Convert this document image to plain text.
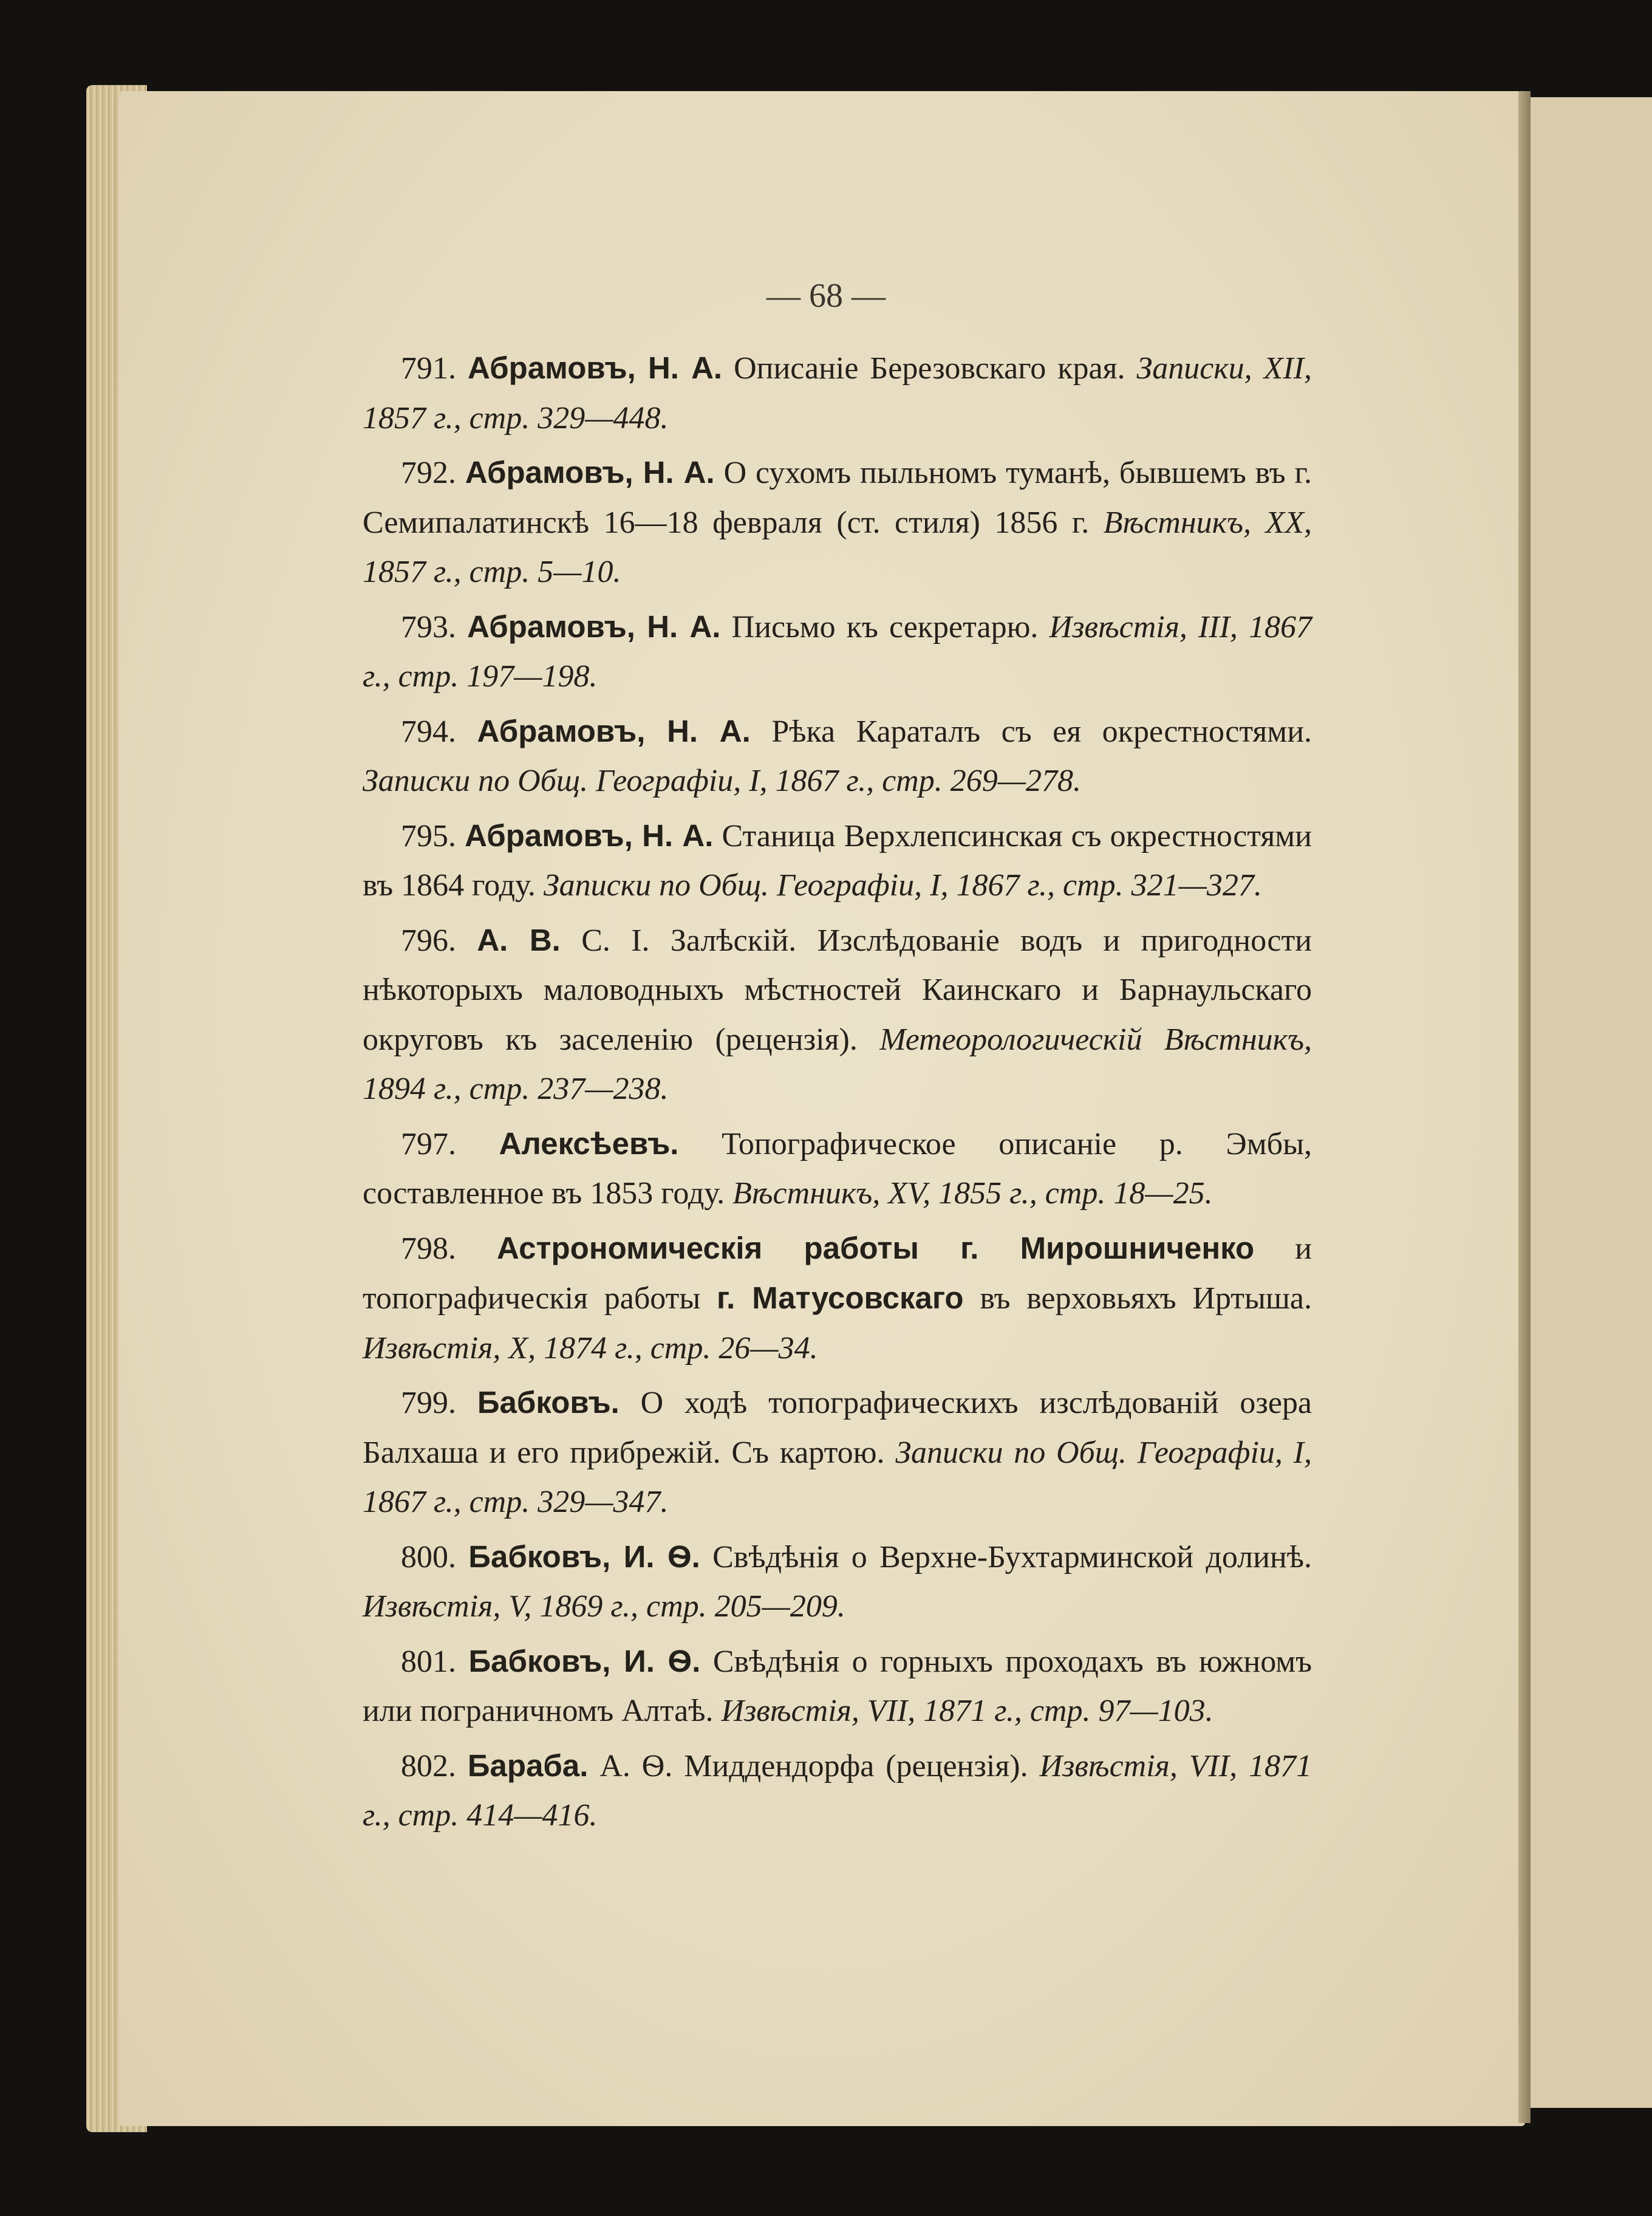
— 68 —

791. Абрамовъ, Н. А. Описаніе Березовскаго края. Записки, XII, 1857 г., стр. 329—448.

792. Абрамовъ, Н. А. О сухомъ пыльномъ туманѣ, бывшемъ въ г. Семипалатинскѣ 16—18 февраля (ст. стиля) 1856 г. Вѣстникъ, XX, 1857 г., стр. 5—10.

793. Абрамовъ, Н. А. Письмо къ секретарю. Извѣстія, III, 1867 г., стр. 197—198.

794. Абрамовъ, Н. А. Рѣка Караталъ съ ея окрестностями. Записки по Общ. Географіи, I, 1867 г., стр. 269—278.

795. Абрамовъ, Н. А. Станица Верхлепсинская съ окрестностями въ 1864 году. Записки по Общ. Географіи, I, 1867 г., стр. 321—327.

796. А. В. С. I. Залѣскій. Изслѣдованіе водъ и пригодности нѣкоторыхъ маловодныхъ мѣстностей Каинскаго и Барнаульскаго округовъ къ заселенію (рецензія). Метеорологическій Вѣстникъ, 1894 г., стр. 237—238.

797. Алексѣевъ. Топографическое описаніе р. Эмбы, составленное въ 1853 году. Вѣстникъ, XV, 1855 г., стр. 18—25.

798. Астрономическія работы г. Мирошниченко и топографическія работы г. Матусовскаго въ верховьяхъ Иртыша. Извѣстія, X, 1874 г., стр. 26—34.

799. Бабковъ. О ходѣ топографическихъ изслѣдованій озера Балхаша и его прибрежій. Съ картою. Записки по Общ. Географіи, I, 1867 г., стр. 329—347.

800. Бабковъ, И. Ѳ. Свѣдѣнія о Верхне-Бухтарминской долинѣ. Извѣстія, V, 1869 г., стр. 205—209.

801. Бабковъ, И. Ѳ. Свѣдѣнія о горныхъ проходахъ въ южномъ или пограничномъ Алтаѣ. Извѣстія, VII, 1871 г., стр. 97—103.

802. Бараба. А. Ѳ. Миддендорфа (рецензія). Извѣстія, VII, 1871 г., стр. 414—416.
